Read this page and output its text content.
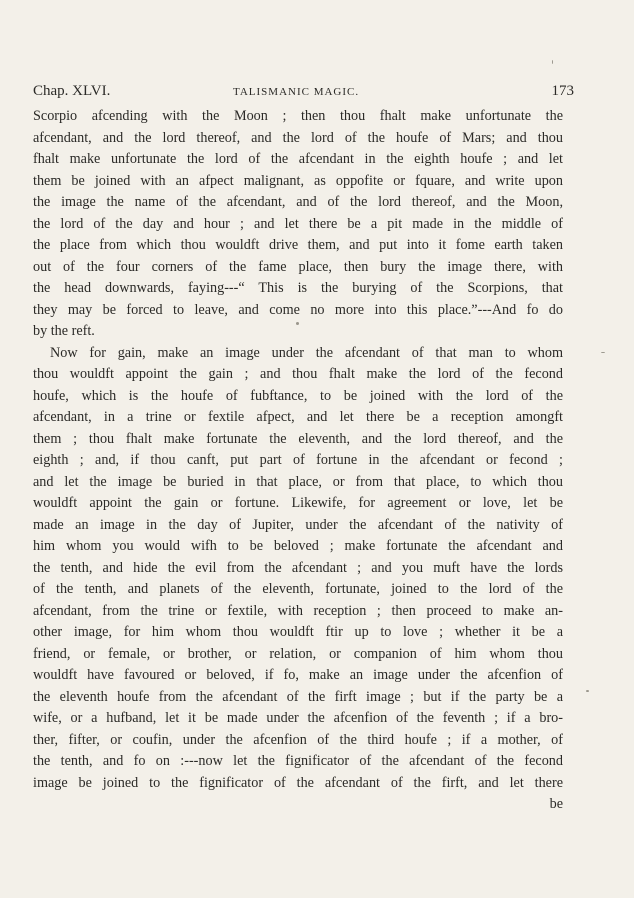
Chap. XLVI.	TALISMANIC MAGIC.	173
Scorpio afcending with the Moon ; then thou fhalt make unfortunate the
afcendant, and the lord thereof, and the lord of the houfe of Mars; and thou
fhalt make unfortunate the lord of the afcendant in the eighth houfe ; and let
them be joined with an afpect malignant, as oppofite or fquare, and write upon
the image the name of the afcendant, and of the lord thereof, and the Moon,
the lord of the day and hour ; and let there be a pit made in the middle of
the place from which thou wouldft drive them, and put into it fome earth taken
out of the four corners of the fame place, then bury the image there, with
the head downwards, faying---“ This is the burying of the Scorpions, that
they may be forced to leave, and come no more into this place.”---And fo do
by the reft.
Now for gain, make an image under the afcendant of that man to whom
thou wouldft appoint the gain ; and thou fhalt make the lord of the fecond
houfe, which is the houfe of fubftance, to be joined with the lord of the
afcendant, in a trine or fextile afpect, and let there be a reception amongft
them ; thou fhalt make fortunate the eleventh, and the lord thereof, and the
eighth ; and, if thou canft, put part of fortune in the afcendant or fecond ;
and let the image be buried in that place, or from that place, to which thou
wouldft appoint the gain or fortune. Likewife, for agreement or love, let be
made an image in the day of Jupiter, under the afcendant of the nativity of
him whom you would wifh to be beloved ; make fortunate the afcendant and
the tenth, and hide the evil from the afcendant ; and you muft have the lords
of the tenth, and planets of the eleventh, fortunate, joined to the lord of the
afcendant, from the trine or fextile, with reception ; then proceed to make an-
other image, for him whom thou wouldft ftir up to love ; whether it be a
friend, or female, or brother, or relation, or companion of him whom thou
wouldft have favoured or beloved, if fo, make an image under the afcenfion of
the eleventh houfe from the afcendant of the firft image ; but if the party be a
wife, or a hufband, let it be made under the afcenfion of the feventh ; if a bro-
ther, fifter, or coufin, under the afcenfion of the third houfe ; if a mother, of
the tenth, and fo on :---now let the fignificator of the afcendant of the fecond
image be joined to the fignificator of the afcendant of the firft, and let there
be
